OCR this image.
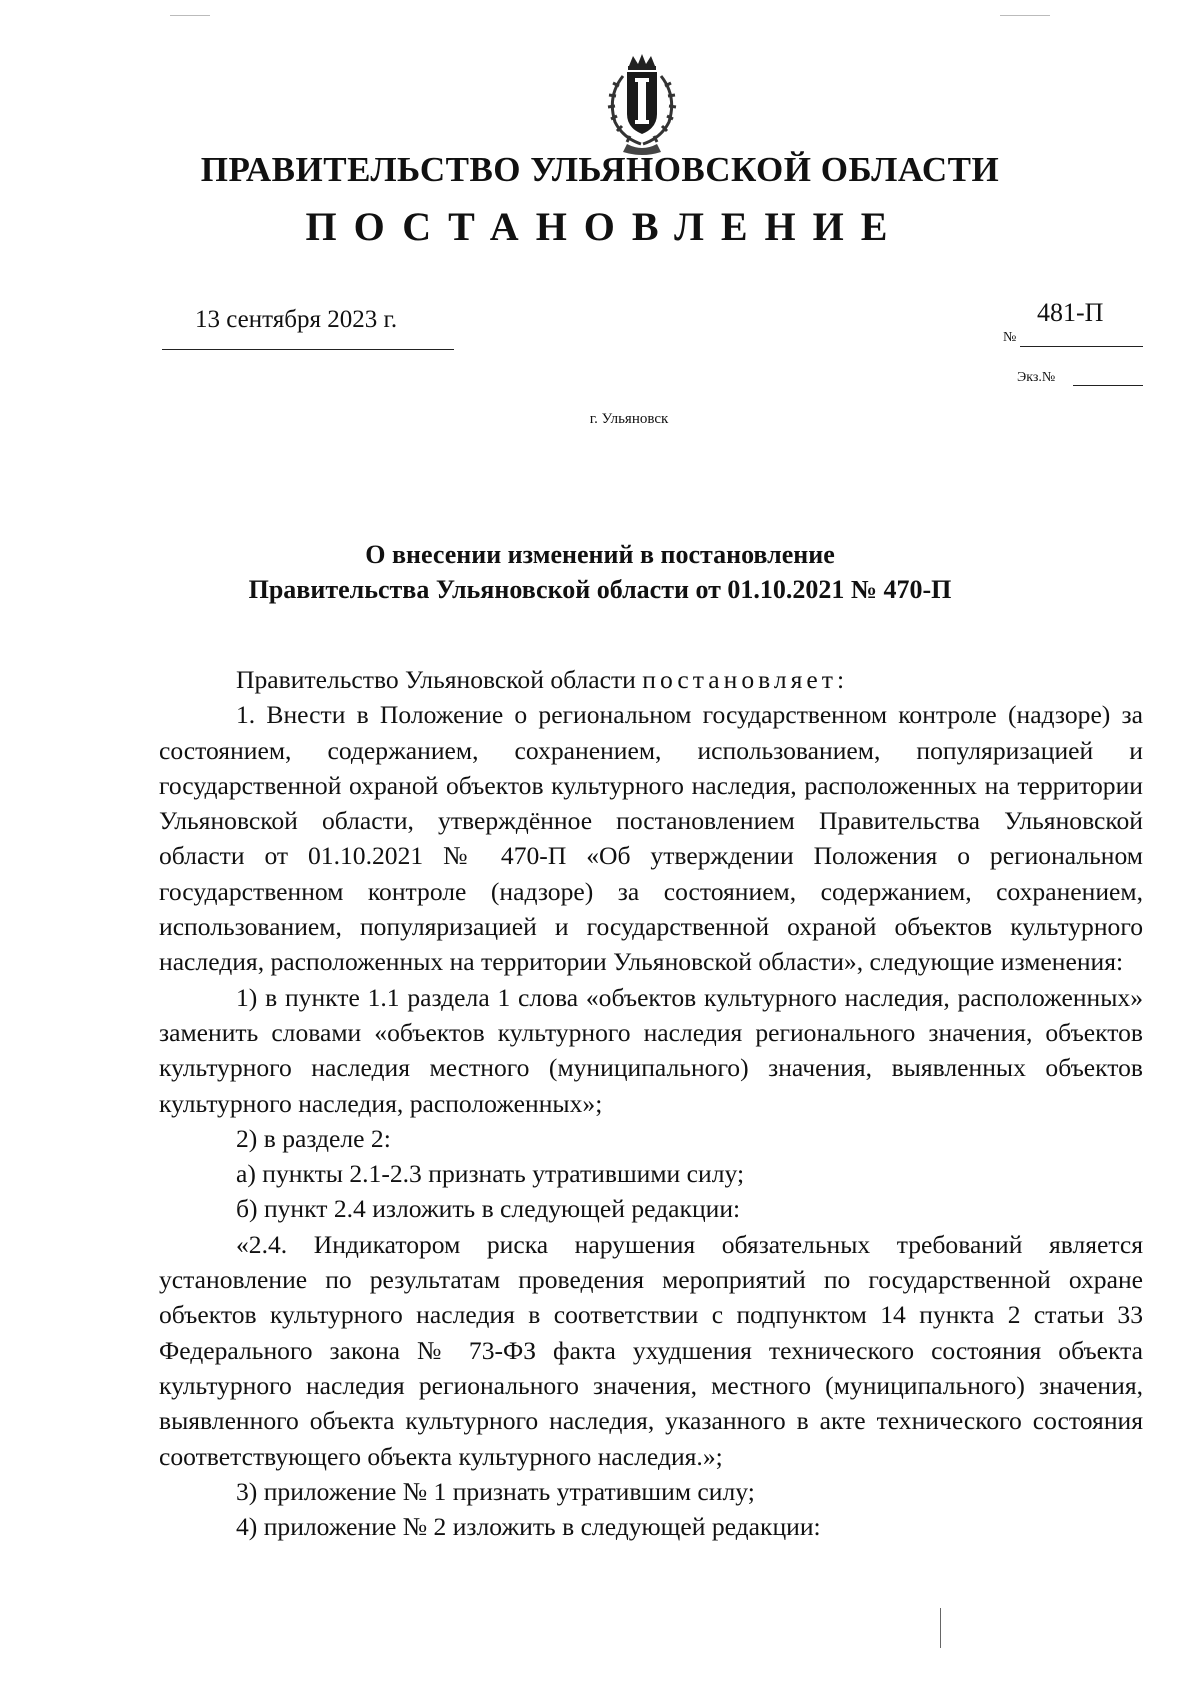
ПРАВИТЕЛЬСТВО УЛЬЯНОВСКОЙ ОБЛАСТИ
ПОСТАНОВЛЕНИЕ
13 сентября 2023 г.
№
481-П
Экз.№
г. Ульяновск
О внесении изменений в постановление
Правительства Ульяновской области от 01.10.2021 № 470-П

Правительство Ульяновской области постановляет:

1. Внести в Положение о региональном государственном контроле (надзоре) за состоянием, содержанием, сохранением, использованием, популяризацией и государственной охраной объектов культурного наследия, расположенных на территории Ульяновской области, утверждённое постановлением Правительства Ульяновской области от 01.10.2021 № 470-П «Об утверждении Положения о региональном государственном контроле (надзоре) за состоянием, содержанием, сохранением, использованием, популяризацией и государственной охраной объектов культурного наследия, расположенных на территории Ульяновской области», следующие изменения:

1) в пункте 1.1 раздела 1 слова «объектов культурного наследия, расположенных» заменить словами «объектов культурного наследия регионального значения, объектов культурного наследия местного (муниципального) значения, выявленных объектов культурного наследия, расположенных»;

2) в разделе 2:

а) пункты 2.1-2.3 признать утратившими силу;

б) пункт 2.4 изложить в следующей редакции:

«2.4. Индикатором риска нарушения обязательных требований является установление по результатам проведения мероприятий по государственной охране объектов культурного наследия в соответствии с подпунктом 14 пункта 2 статьи 33 Федерального закона № 73-ФЗ факта ухудшения технического состояния объекта культурного наследия регионального значения, местного (муниципального) значения, выявленного объекта культурного наследия, указанного в акте технического состояния соответствующего объекта культурного наследия.»;

3) приложение № 1 признать утратившим силу;

4) приложение № 2 изложить в следующей редакции:
